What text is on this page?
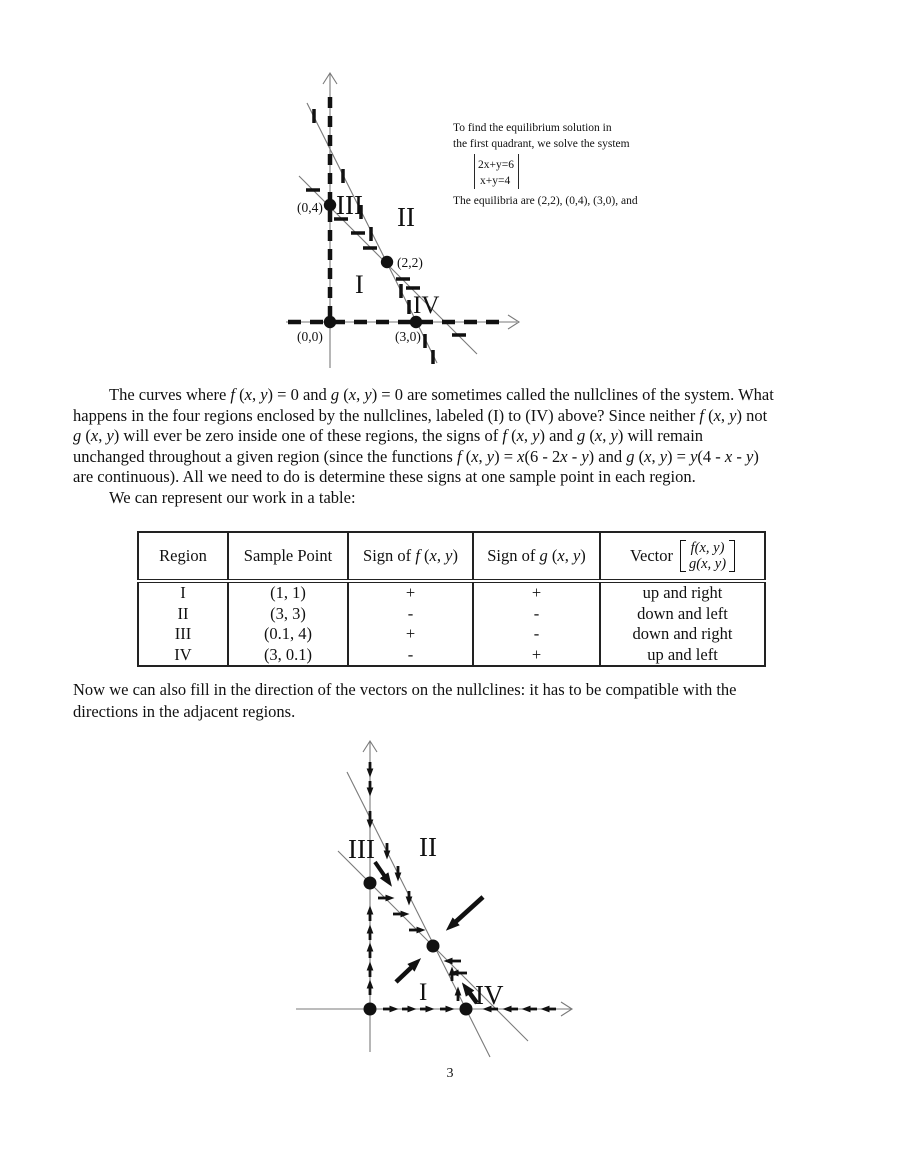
(0,4)
(2,2)
(0,0)	(3,0)
III II
I
IV
To find the equilibrium solution in
the first quadrant, we solve the system
2x+y=6
x+y=4
The equilibria are (2,2), (0,4), (3,0), and

The curves where f (x, y) = 0 and g (x, y) = 0 are sometimes called the nullclines of the system. What
happens in the four regions enclosed by the nullclines, labeled (I) to (IV) above? Since neither f (x, y) not
g (x, y) will ever be zero inside one of these regions, the signs of f (x, y) and g (x, y) will remain
unchanged throughout a given region (since the functions f (x, y) = x(6 - 2x - y) and g (x, y) = y(4 - x - y)
are continuous). All we need to do is determine these signs at one sample point in each region.

We can represent our work in a table:

Region	Sample Point	Sign of f (x, y)	Sign of g (x, y)	Vector f(x, y)
g(x, y)

I	(1, 1)	+	+	up and right
II	(3, 3)	-	-	down and left
III	(0.1, 4)	+	-	down and right
IV	(3, 0.1)	-	+	up and left

Now we can also fill in the direction of the vectors on the nullclines: it has to be compatible with the
directions in the adjacent regions.

III II
I IV
3
